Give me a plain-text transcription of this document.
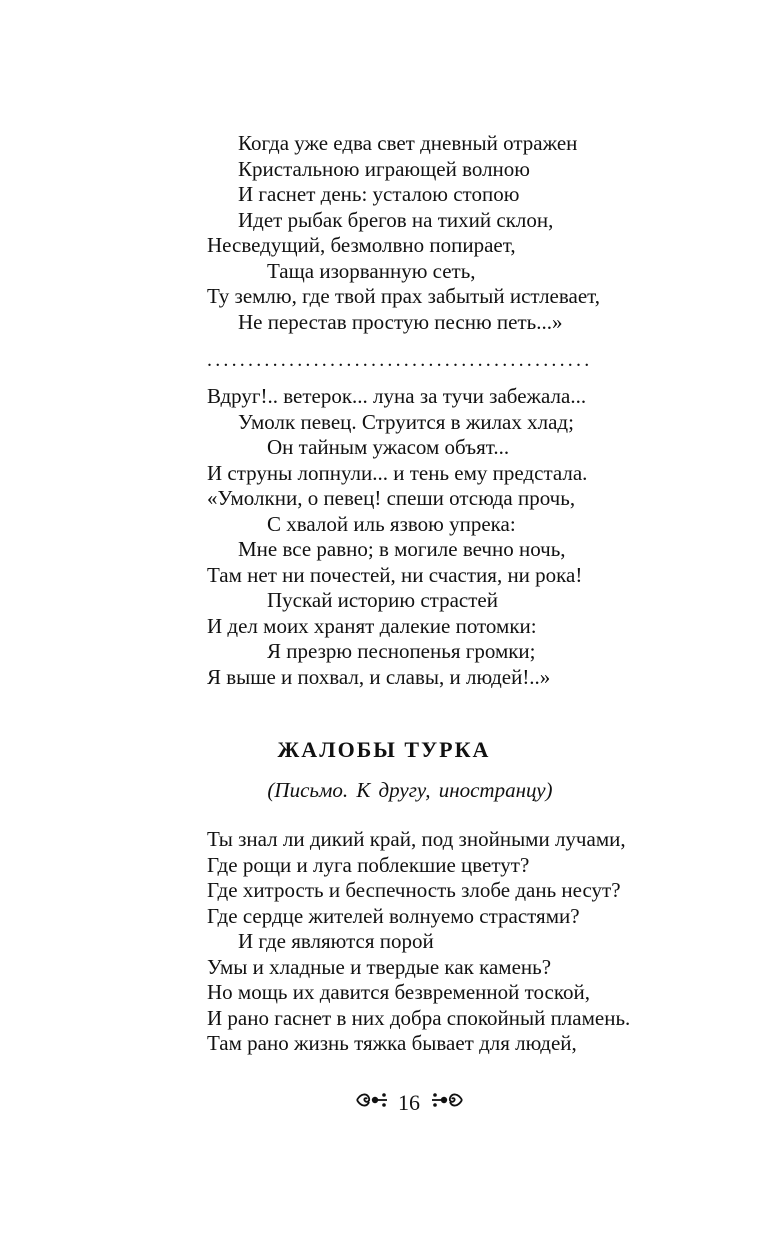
Когда уже едва свет дневный отражен
Кристальною играющей волною
И гаснет день: усталою стопою
Идет рыбак брегов на тихий склон,
Несведущий, безмолвно попирает,
Таща изорванную сеть,
Ту землю, где твой прах забытый истлевает,
Не перестав простую песню петь...»
...............................................
Вдруг!.. ветерок... луна за тучи забежала...
Умолк певец. Струится в жилах хлад;
Он тайным ужасом объят...
И струны лопнули... и тень ему предстала.
«Умолкни, о певец! спеши отсюда прочь,
С хвалой иль язвою упрека:
Мне все равно; в могиле вечно ночь,
Там нет ни почестей, ни счастия, ни рока!
Пускай историю страстей
И дел моих хранят далекие потомки:
Я презрю песнопенья громки;
Я выше и похвал, и славы, и людей!..»
ЖАЛОБЫ ТУРКА
(Письмо. К другу, иностранцу)
Ты знал ли дикий край, под знойными лучами,
Где рощи и луга поблекшие цветут?
Где хитрость и беспечность злобе дань несут?
Где сердце жителей волнуемо страстями?
И где являются порой
Умы и хладные и твердые как камень?
Но мощь их давится безвременной тоской,
И рано гаснет в них добра спокойный пламень.
Там рано жизнь тяжка бывает для людей,
16
